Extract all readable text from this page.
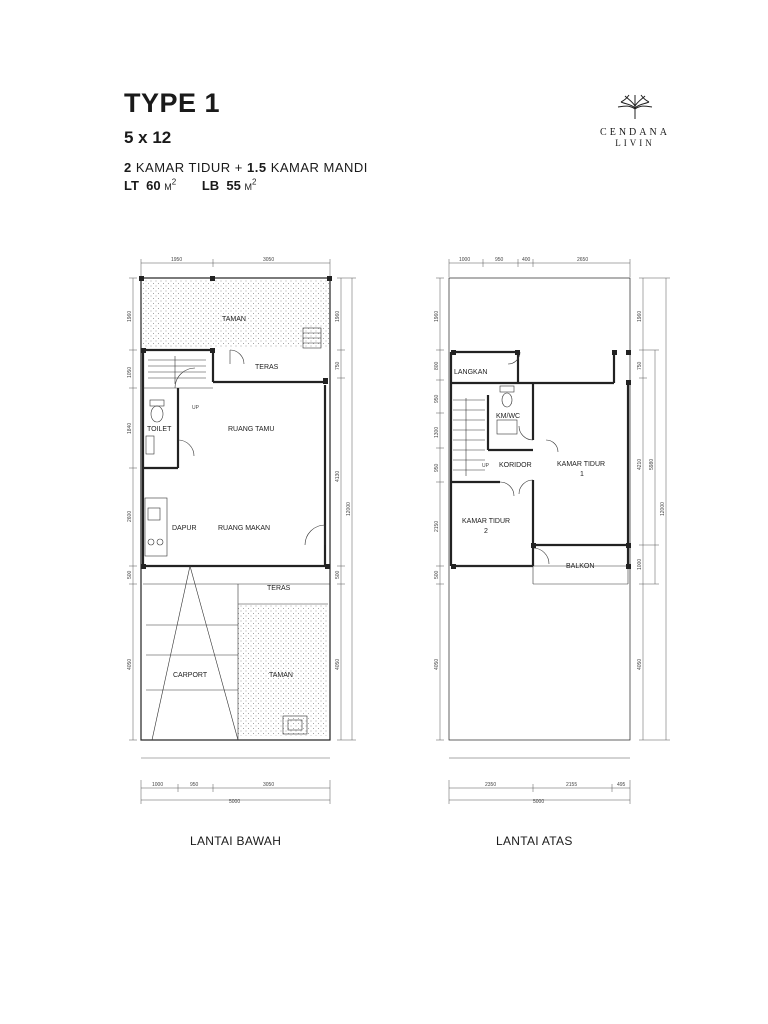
TYPE 1
5 x 12
2 KAMAR TIDUR + 1.5 KAMAR MANDI
LT 60 $M^2$ LB 55 $M^2$
CENDANA
LIVIN
TAMAN
TERAS
TOILET	RUANG TAMU
DAPUR	RUANG MAKAN
TERAS
CARPORT	TAMAN
UP
1950	3050
1000	950	3050
5000
1960
1050
1840
2600
500
4050
1960
750
4130
500
4050
12000
LANGKAN
KM/WC
KORIDOR	KAMAR TIDUR
1
KAMAR TIDUR
2
BALKON
UP
1000	950	400	2650
2350	2155	495
5000
1960
800
950
1300
950
2150
500
4050
1960
750
4210 5980
1000
4050
12000
LANTAI BAWAH	LANTAI ATAS
